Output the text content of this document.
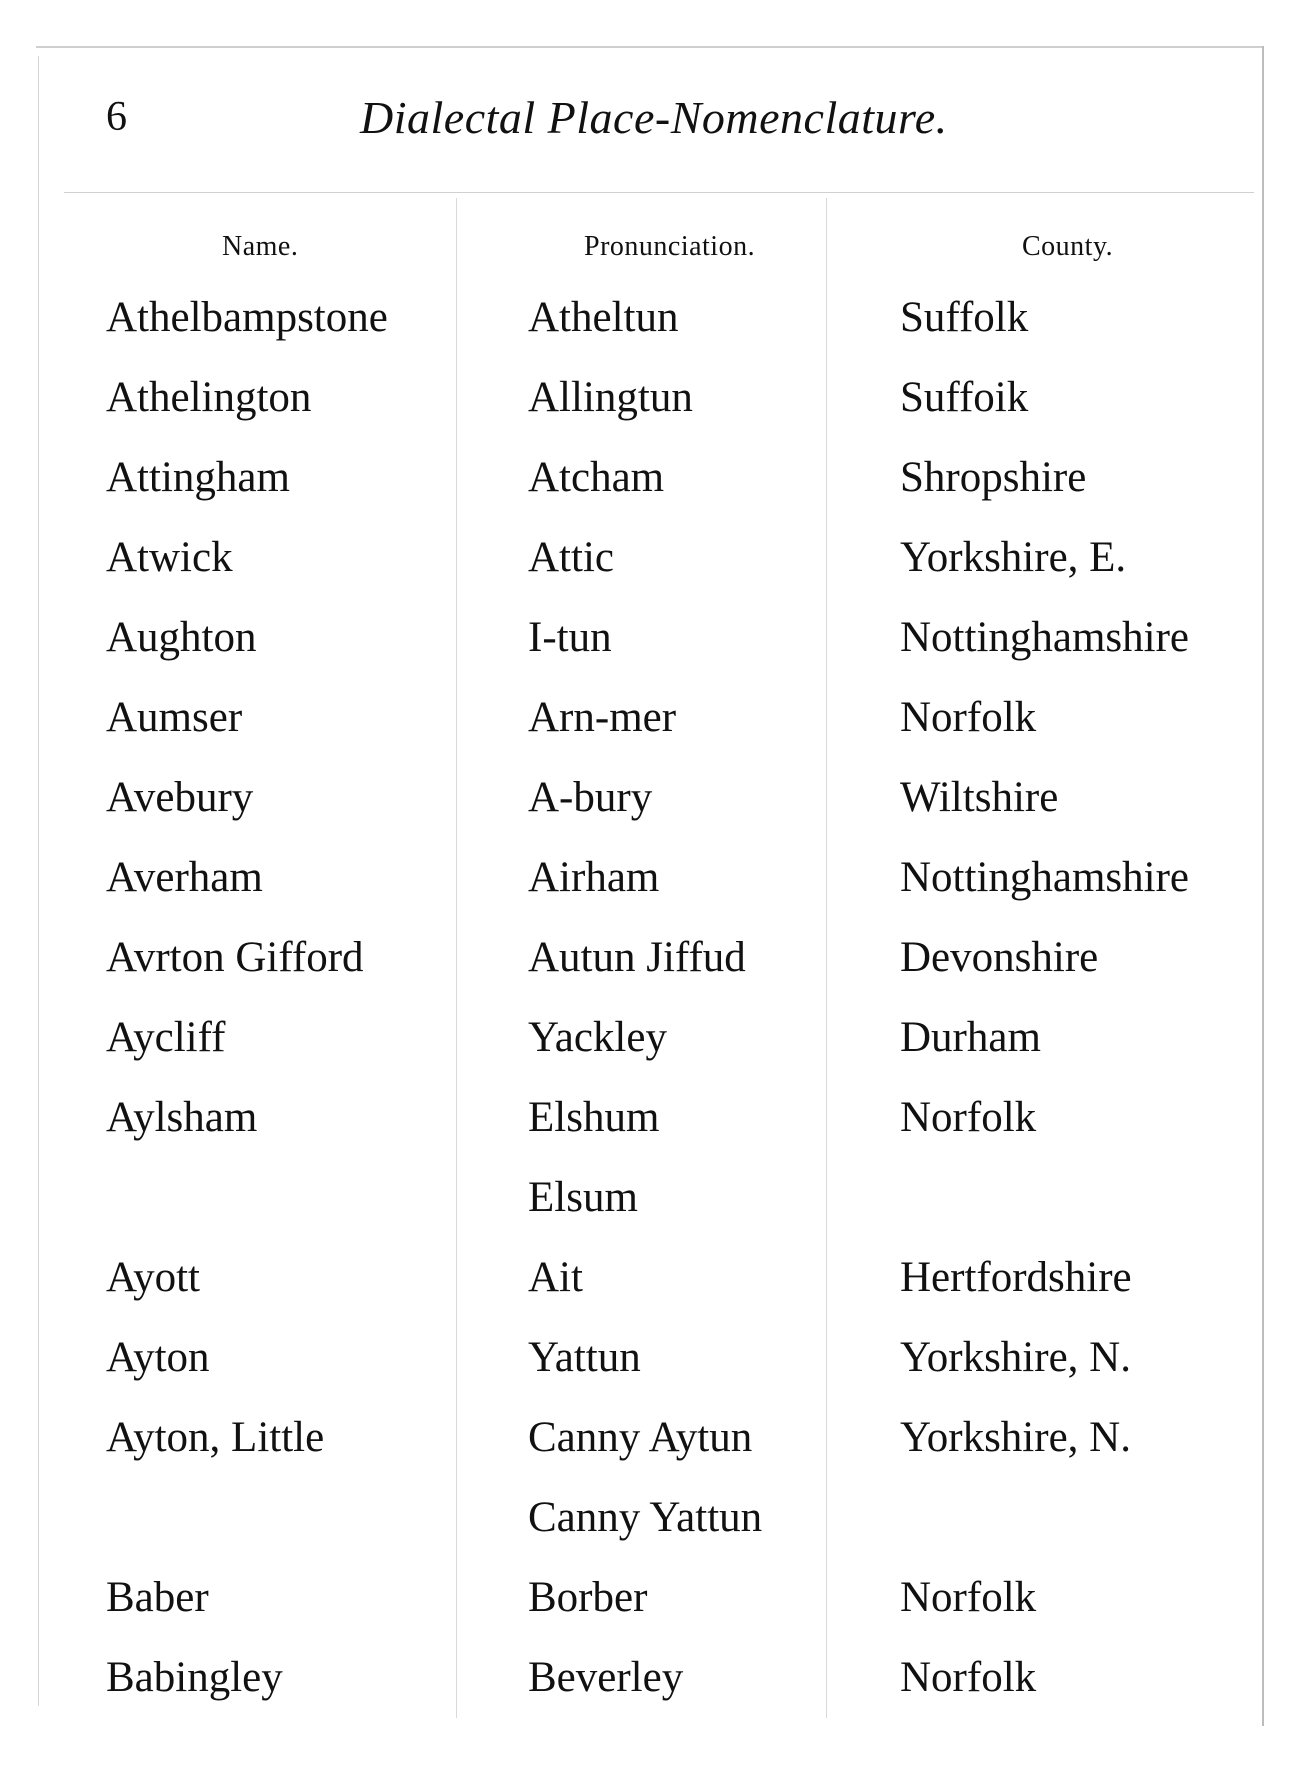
6	Dialectal Place-Nomenclature.
Name.	Pronunciation.	County.
Athelbampstone	Atheltun	Suffolk
Athelington	Allingtun	Suffoik
Attingham	Atcham	Shropshire
Atwick	Attic	Yorkshire, E.
Aughton	I-tun	Nottinghamshire
Aumser	Arn-mer	Norfolk
Avebury	A-bury	Wiltshire
Averham	Airham	Nottinghamshire
Avrton Gifford	Autun Jiffud	Devonshire
Aycliff	Yackley	Durham
Aylsham	Elshum	Norfolk
Elsum
Ayott	Ait	Hertfordshire
Ayton	Yattun	Yorkshire, N.
Ayton, Little	Canny Aytun	Yorkshire, N.
Canny Yattun
Baber	Borber	Norfolk
Babingley	Beverley	Norfolk
